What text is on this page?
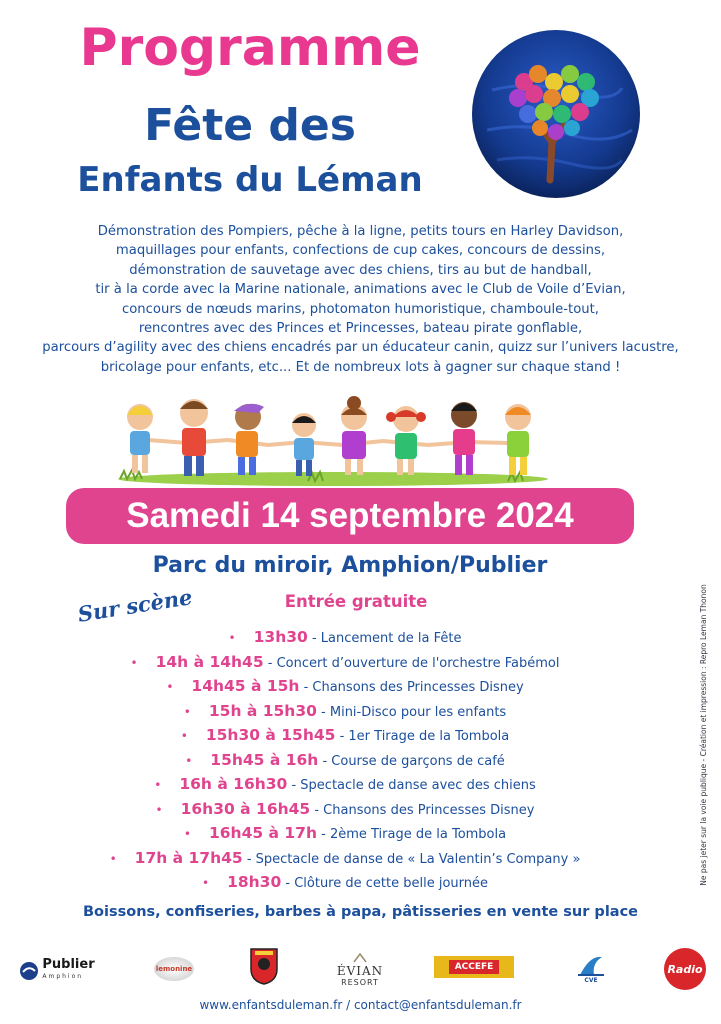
Programme
Fête des
Enfants du Léman
Démonstration des Pompiers, pêche à la ligne, petits tours en Harley Davidson,
maquillages pour enfants, confections de cup cakes, concours de dessins,
démonstration de sauvetage avec des chiens, tirs au but de handball,
tir à la corde avec la Marine nationale, animations avec le Club de Voile d’Evian,
concours de nœuds marins, photomaton humoristique, chamboule-tout,
rencontres avec des Princes et Princesses, bateau pirate gonflable,
parcours d’agility avec des chiens encadrés par un éducateur canin, quizz sur l’univers lacustre,
bricolage pour enfants, etc... Et de nombreux lots à gagner sur chaque stand !
Samedi 14 septembre 2024
Parc du miroir, Amphion/Publier
Entrée gratuite
Sur scène
• 13h30 - Lancement de la Fête
• 14h à 14h45 - Concert d’ouverture de l'orchestre Fabémol
• 14h45 à 15h - Chansons des Princesses Disney
• 15h à 15h30 - Mini-Disco pour les enfants
• 15h30 à 15h45 - 1er Tirage de la Tombola
• 15h45 à 16h - Course de garçons de café
• 16h à 16h30 - Spectacle de danse avec des chiens
• 16h30 à 16h45 - Chansons des Princesses Disney
• 16h45 à 17h - 2ème Tirage de la Tombola
• 17h à 17h45 - Spectacle de danse de « La Valentin’s Company »
• 18h30 - Clôture de cette belle journée	Ne pas jeter sur la voie publique - Création et impression : Repro Leman Thonon
Boissons, confiseries, barbes à papa, pâtisseries en vente sur place
Publier
Amphion
lemonine	ÉVIAN
RESORT
ACCEFE
CVE
Radio
www.enfantsduleman.fr / contact@enfantsduleman.fr
